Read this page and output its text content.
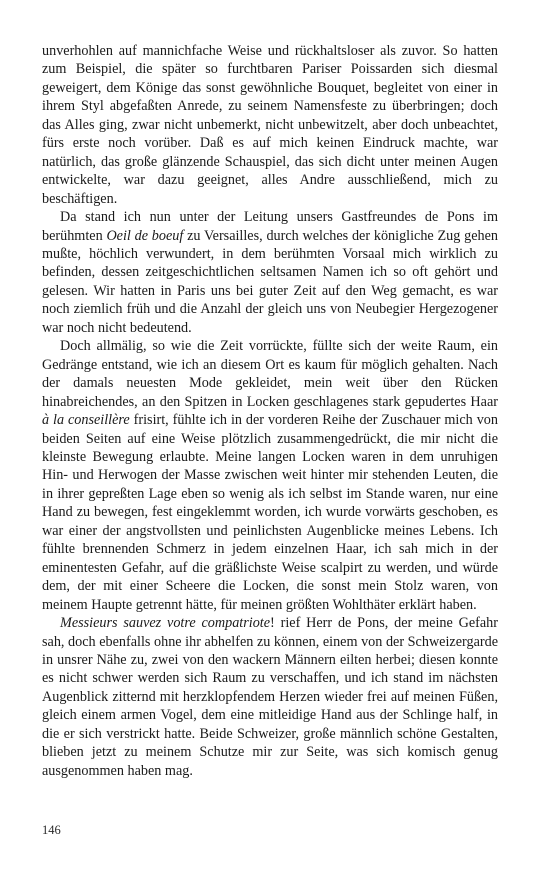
unverhohlen auf mannichfache Weise und rückhaltsloser als zuvor. So hatten zum Beispiel, die später so furchtbaren Pariser Poissarden sich diesmal geweigert, dem Könige das sonst gewöhnliche Bouquet, begleitet von einer in ihrem Styl abgefaßten Anrede, zu seinem Namensfeste zu überbringen; doch das Alles ging, zwar nicht unbemerkt, nicht unbewitzelt, aber doch unbeachtet, fürs erste noch vorüber. Daß es auf mich keinen Eindruck machte, war natürlich, das große glänzende Schauspiel, das sich dicht unter meinen Augen entwickelte, war dazu geeignet, alles Andre ausschließend, mich zu beschäftigen.

Da stand ich nun unter der Leitung unsers Gastfreundes de Pons im berühmten Oeil de boeuf zu Versailles, durch welches der königliche Zug gehen mußte, höchlich verwundert, in dem berühmten Vorsaal mich wirklich zu befinden, dessen zeitgeschichtlichen seltsamen Namen ich so oft gehört und gelesen. Wir hatten in Paris uns bei guter Zeit auf den Weg gemacht, es war noch ziemlich früh und die Anzahl der gleich uns von Neubegier Hergezogener war noch nicht bedeutend.

Doch allmälig, so wie die Zeit vorrückte, füllte sich der weite Raum, ein Gedränge entstand, wie ich an diesem Ort es kaum für möglich gehalten. Nach der damals neuesten Mode gekleidet, mein weit über den Rücken hinabreichendes, an den Spitzen in Locken geschlagenes stark gepudertes Haar à la conseillère frisirt, fühlte ich in der vorderen Reihe der Zuschauer mich von beiden Seiten auf eine Weise plötzlich zusammengedrückt, die mir nicht die kleinste Bewegung erlaubte. Meine langen Locken waren in dem unruhigen Hin- und Herwogen der Masse zwischen weit hinter mir stehenden Leuten, die in ihrer gepreßten Lage eben so wenig als ich selbst im Stande waren, nur eine Hand zu bewegen, fest eingeklemmt worden, ich wurde vorwärts geschoben, es war einer der angstvollsten und peinlichsten Augenblicke meines Lebens. Ich fühlte brennenden Schmerz in jedem einzelnen Haar, ich sah mich in der eminentesten Gefahr, auf die gräßlichste Weise scalpirt zu werden, und würde dem, der mit einer Scheere die Locken, die sonst mein Stolz waren, von meinem Haupte getrennt hätte, für meinen größten Wohlthäter erklärt haben.

Messieurs sauvez votre compatriote! rief Herr de Pons, der meine Gefahr sah, doch ebenfalls ohne ihr abhelfen zu können, einem von der Schweizergarde in unsrer Nähe zu, zwei von den wackern Männern eilten herbei; diesen konnte es nicht schwer werden sich Raum zu verschaffen, und ich stand im nächsten Augenblick zitternd mit herzklopfendem Herzen wieder frei auf meinen Füßen, gleich einem armen Vogel, dem eine mitleidige Hand aus der Schlinge half, in die er sich verstrickt hatte. Beide Schweizer, große männlich schöne Gestalten, blieben jetzt zu meinem Schutze mir zur Seite, was sich komisch genug ausgenommen haben mag.

146
